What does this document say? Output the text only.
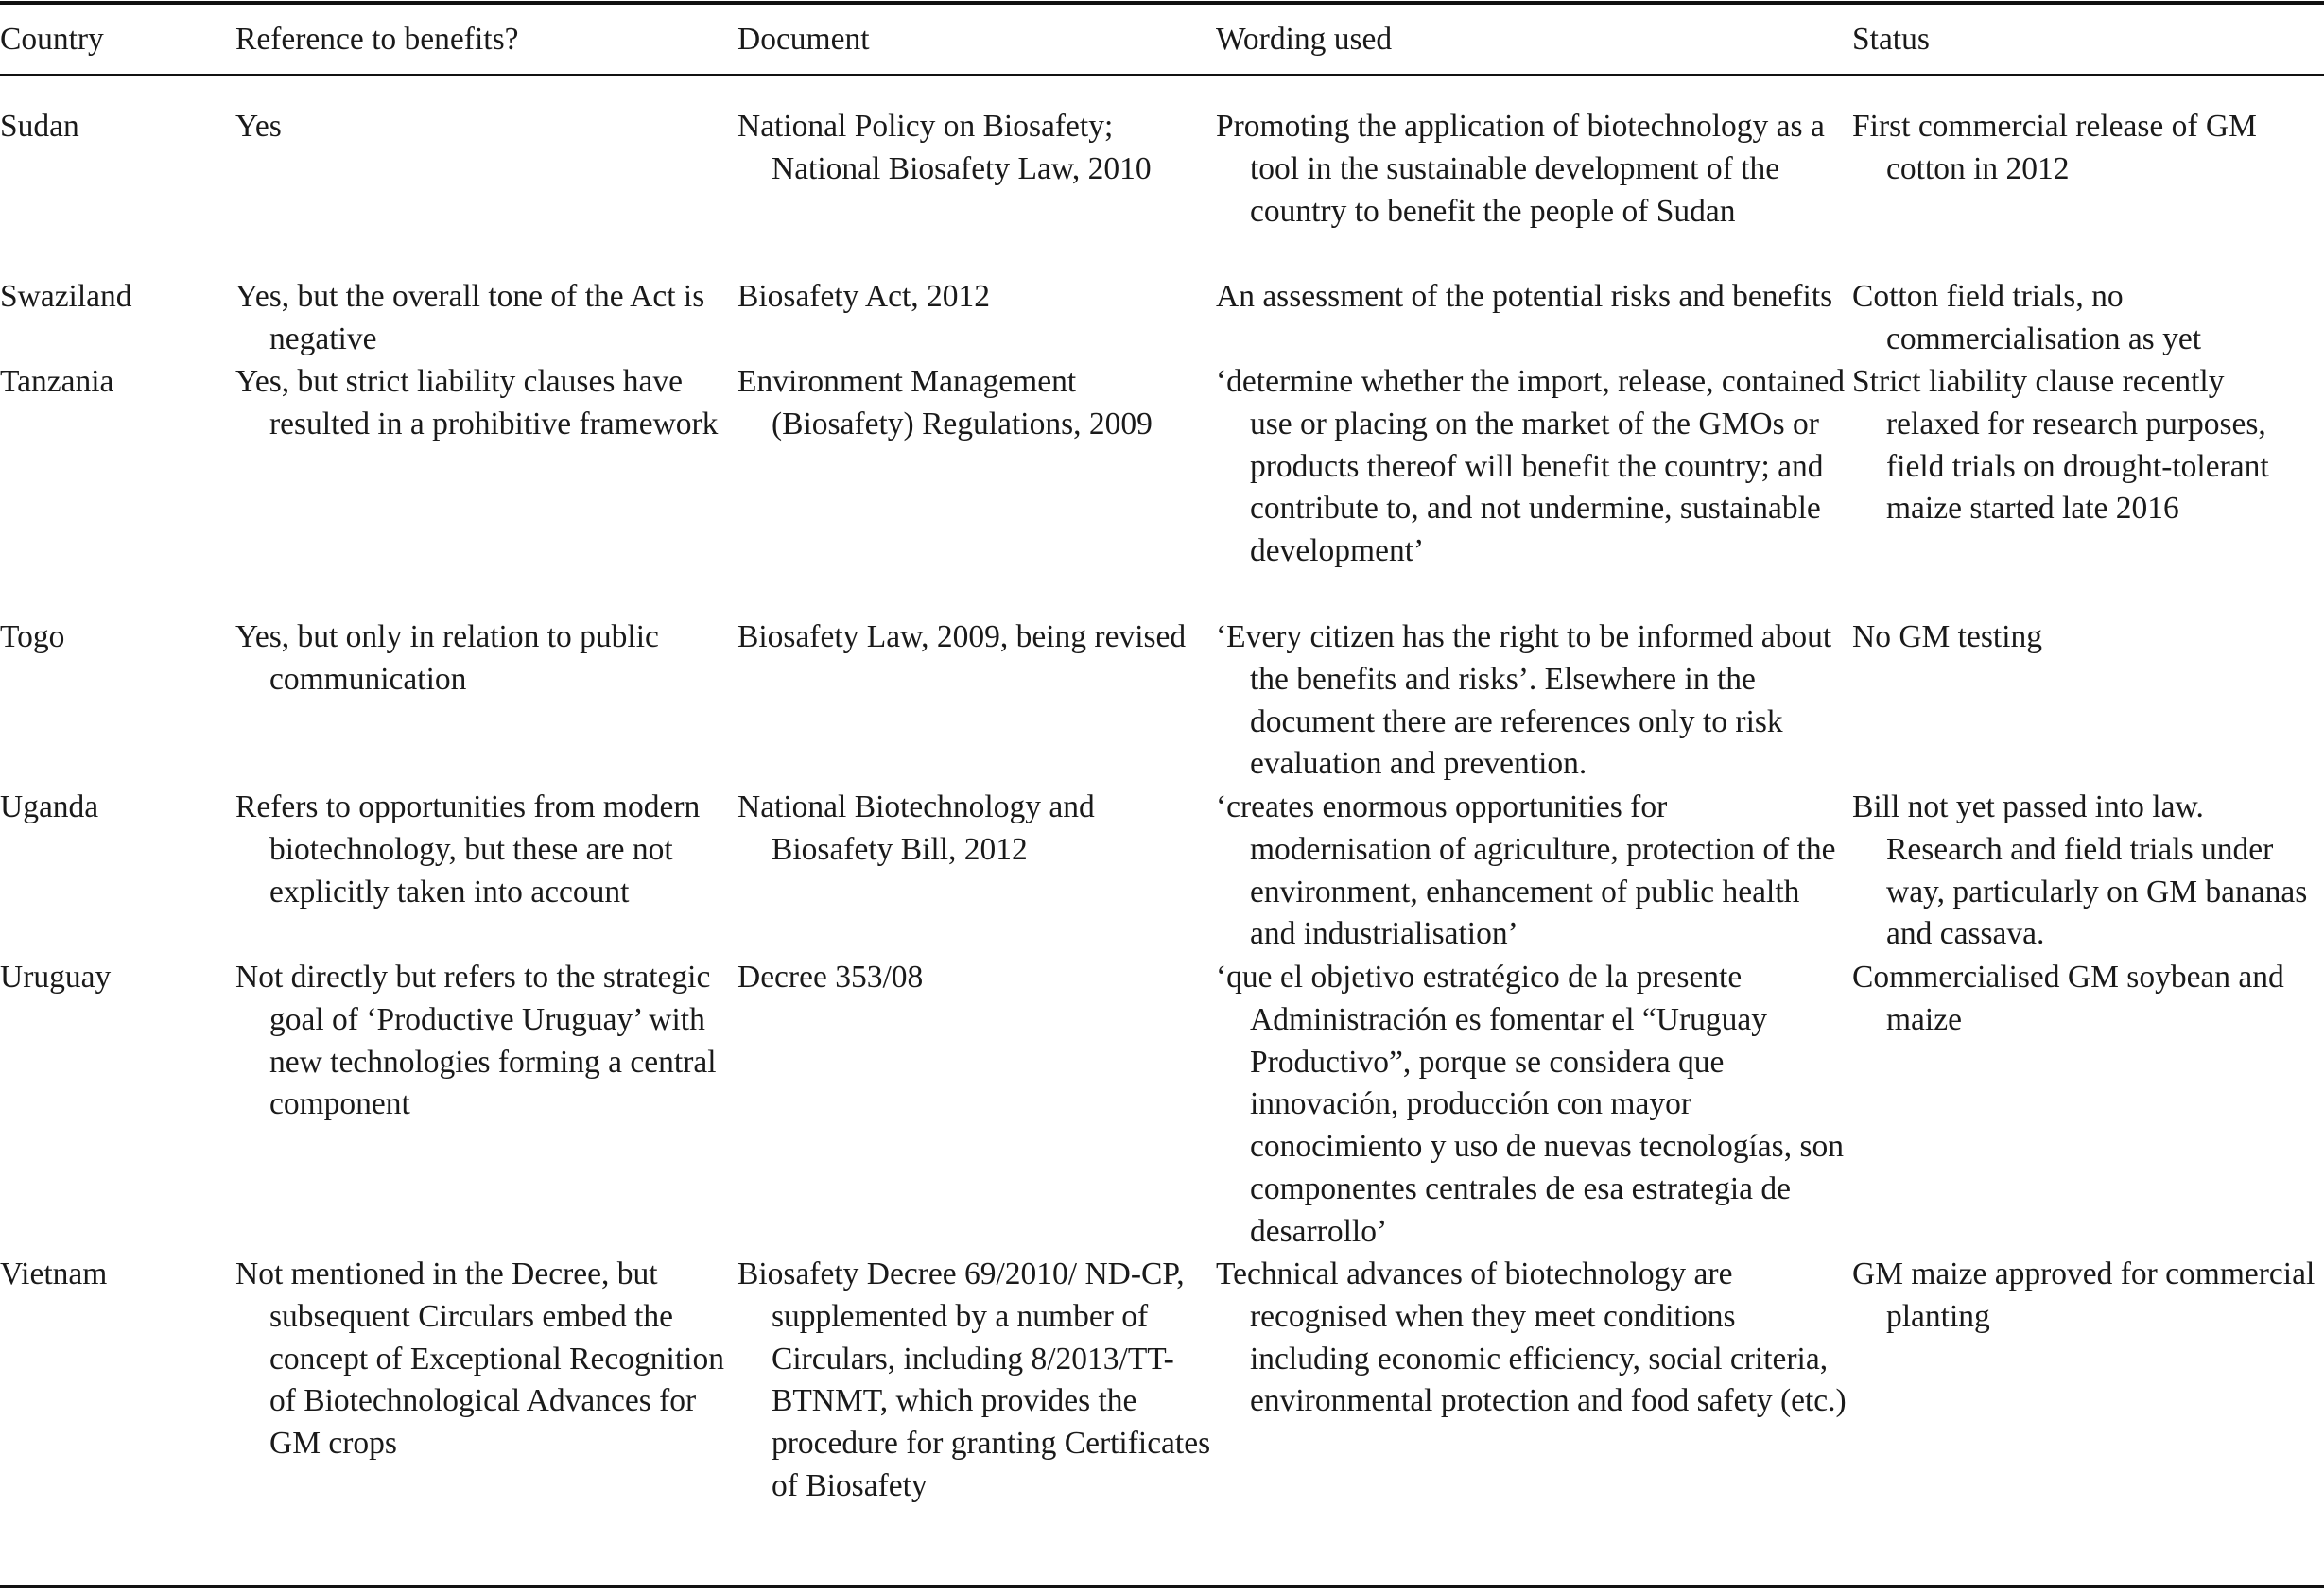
Country	Reference to benefits?	Document	Wording used	Status

Sudan	Yes	National Policy on Biosafety; National Biosafety Law, 2010	Promoting the application of biotechnology as a tool in the sustainable development of the country to benefit the people of Sudan	First commercial release of GM cotton in 2012

Swaziland	Yes, but the overall tone of the Act is negative	Biosafety Act, 2012	An assessment of the potential risks and benefits	Cotton field trials, no commercialisation as yet

Tanzania	Yes, but strict liability clauses have resulted in a prohibitive framework	Environment Management (Biosafety) Regulations, 2009	‘determine whether the import, release, contained use or placing on the market of the GMOs or products thereof will benefit the country; and contribute to, and not undermine, sustainable development’	Strict liability clause recently relaxed for research purposes, field trials on drought-tolerant maize started late 2016

Togo	Yes, but only in relation to public communication	Biosafety Law, 2009, being revised	‘Every citizen has the right to be informed about the benefits and risks’. Elsewhere in the document there are references only to risk evaluation and prevention.	No GM testing

Uganda	Refers to opportunities from modern biotechnology, but these are not explicitly taken into account	National Biotechnology and Biosafety Bill, 2012	‘creates enormous opportunities for modernisation of agriculture, protection of the environment, enhancement of public health and industrialisation’	Bill not yet passed into law. Research and field trials under way, particularly on GM bananas and cassava.

Uruguay	Not directly but refers to the strategic goal of ‘Productive Uruguay’ with new technologies forming a central component	Decree 353/08	‘que el objetivo estratégico de la presente Administración es fomentar el “Uruguay Productivo”, porque se considera que innovación, producción con mayor conocimiento y uso de nuevas tecnologías, son componentes centrales de esa estrategia de desarrollo’	Commercialised GM soybean and maize

Vietnam	Not mentioned in the Decree, but subsequent Circulars embed the concept of Exceptional Recognition of Biotechnological Advances for GM crops	Biosafety Decree 69/2010/ ND-CP, supplemented by a number of Circulars, including 8/2013/TT-BTNMT, which provides the procedure for granting Certificates of Biosafety	Technical advances of biotechnology are recognised when they meet conditions including economic efficiency, social criteria, environmental protection and food safety (etc.)	GM maize approved for commercial planting
